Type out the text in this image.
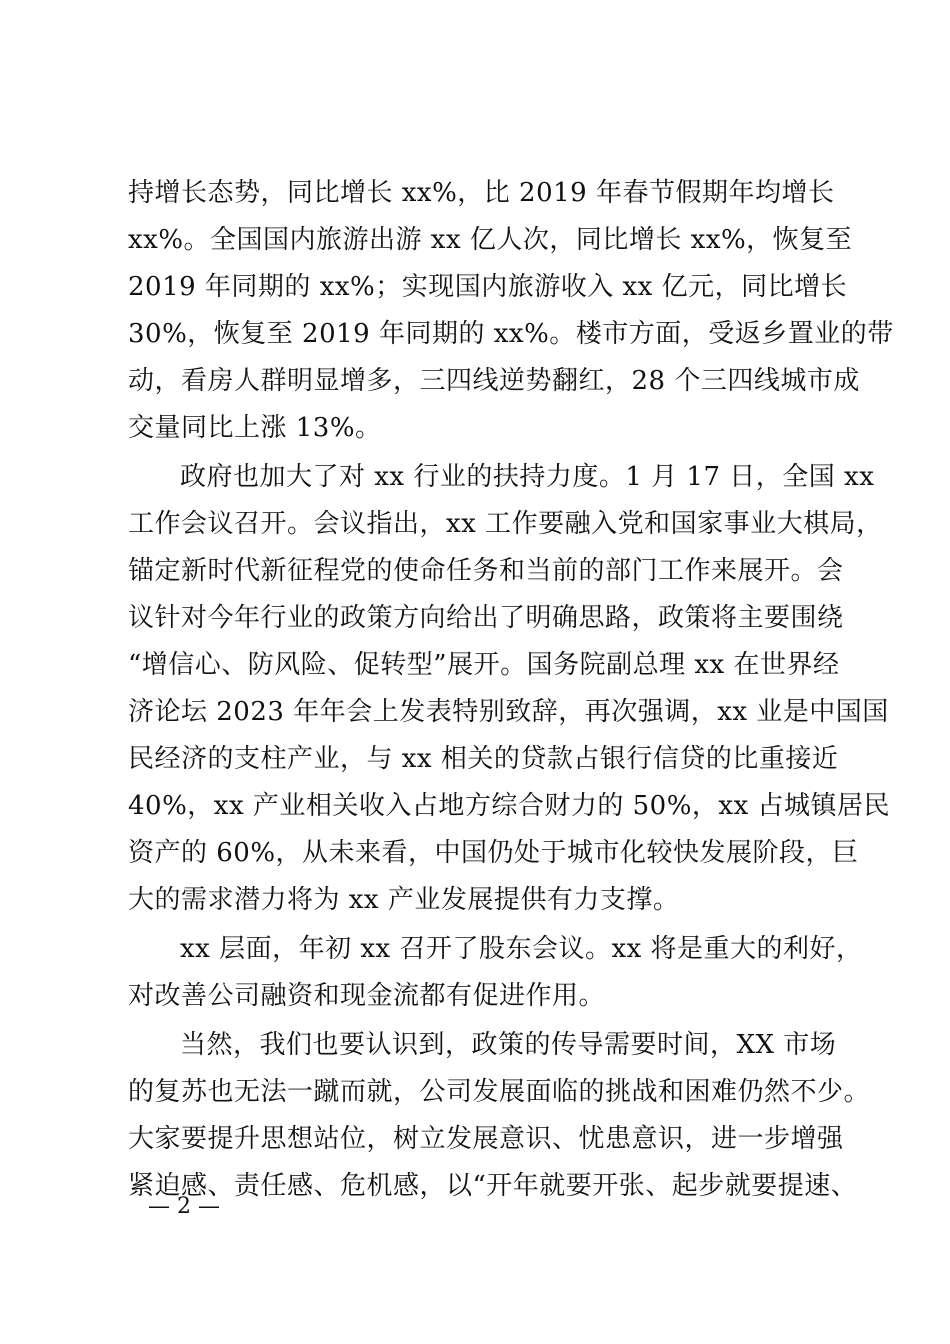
持增长态势，同比增长 xx%，比 2019 年春节假期年均增长
xx%。全国国内旅游出游 xx 亿人次，同比增长 xx%，恢复至
2019 年同期的 xx%；实现国内旅游收入 xx 亿元，同比增长
30%，恢复至 2019 年同期的 xx%。楼市方面，受返乡置业的带
动，看房人群明显增多，三四线逆势翻红，28 个三四线城市成
交量同比上涨 13%。
政府也加大了对 xx 行业的扶持力度。1 月 17 日，全国 xx
工作会议召开。会议指出，xx 工作要融入党和国家事业大棋局，
锚定新时代新征程党的使命任务和当前的部门工作来展开。会
议针对今年行业的政策方向给出了明确思路，政策将主要围绕
“增信心、防风险、促转型”展开。国务院副总理 xx 在世界经
济论坛 2023 年年会上发表特别致辞，再次强调，xx 业是中国国
民经济的支柱产业，与 xx 相关的贷款占银行信贷的比重接近
40%，xx 产业相关收入占地方综合财力的 50%，xx 占城镇居民
资产的 60%，从未来看，中国仍处于城市化较快发展阶段，巨
大的需求潜力将为 xx 产业发展提供有力支撑。
xx 层面，年初 xx 召开了股东会议。xx 将是重大的利好，
对改善公司融资和现金流都有促进作用。
当然，我们也要认识到，政策的传导需要时间，XX 市场
的复苏也无法一蹴而就，公司发展面临的挑战和困难仍然不少。
大家要提升思想站位，树立发展意识、忧患意识，进一步增强
紧迫感、责任感、危机感，以“开年就要开张、起步就要提速、
— 2 —
